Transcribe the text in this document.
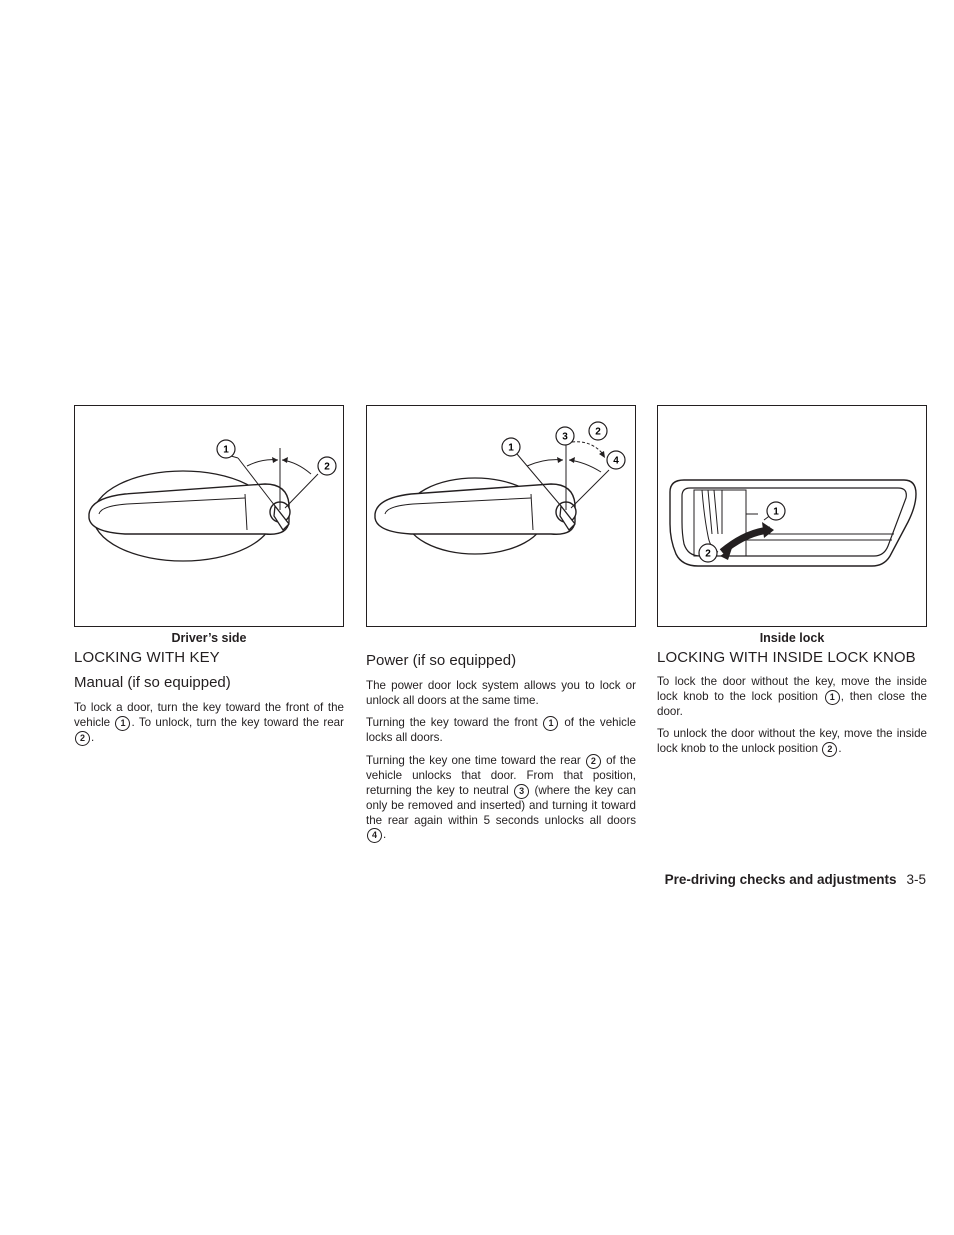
1
2
Driver’s side
LOCKING WITH KEY
Manual (if so equipped)

To lock a door, turn the key toward the front of the vehicle 1 . To unlock, turn the key toward the rear 2 .

1
3	2
4
Power (if so equipped)

The power door lock system allows you to lock or unlock all doors at the same time.

Turning the key toward the front 1 of the vehicle locks all doors.

Turning the key one time toward the rear 2 of the vehicle unlocks that door. From that position, returning the key to neutral 3 (where the key can only be removed and inserted) and turning it toward the rear again within 5 seconds unlocks all doors 4 .

1
2
Inside lock
LOCKING WITH INSIDE LOCK KNOB

To lock the door without the key, move the inside lock knob to the lock position 1 , then close the door.

To unlock the door without the key, move the inside lock knob to the unlock position 2 .

Pre-driving checks and adjustments 3-5
